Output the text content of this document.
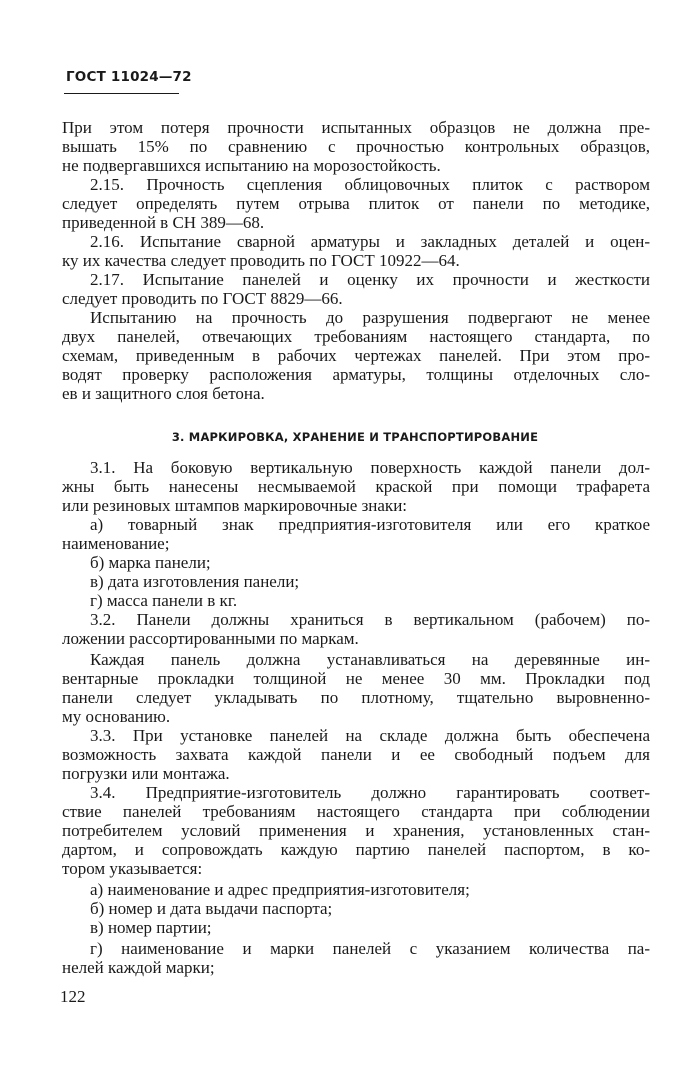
ГОСТ 11024—72
При этом потеря прочности испытанных образцов не должна пре-
вышать 15% по сравнению с прочностью контрольных образцов,
не подвергавшихся испытанию на морозостойкость.
2.15. Прочность сцепления облицовочных плиток с раствором
следует определять путем отрыва плиток от панели по методике,
приведенной в СН 389—68.
2.16. Испытание сварной арматуры и закладных деталей и оцен-
ку их качества следует проводить по ГОСТ 10922—64.
2.17. Испытание панелей и оценку их прочности и жесткости
следует проводить по ГОСТ 8829—66.
Испытанию на прочность до разрушения подвергают не менее
двух панелей, отвечающих требованиям настоящего стандарта, по
схемам, приведенным в рабочих чертежах панелей. При этом про-
водят проверку расположения арматуры, толщины отделочных сло-
ев и защитного слоя бетона.
3. МАРКИРОВКА, ХРАНЕНИЕ И ТРАНСПОРТИРОВАНИЕ
3.1. На боковую вертикальную поверхность каждой панели дол-
жны быть нанесены несмываемой краской при помощи трафарета
или резиновых штампов маркировочные знаки:
а) товарный знак предприятия-изготовителя или его краткое
наименование;
б) марка панели;
в) дата изготовления панели;
г) масса панели в кг.
3.2. Панели должны храниться в вертикальном (рабочем) по-
ложении рассортированными по маркам.
Каждая панель должна устанавливаться на деревянные ин-
вентарные прокладки толщиной не менее 30 мм. Прокладки под
панели следует укладывать по плотному, тщательно выровненно-
му основанию.
3.3. При установке панелей на складе должна быть обеспечена
возможность захвата каждой панели и ее свободный подъем для
погрузки или монтажа.
3.4. Предприятие-изготовитель должно гарантировать соответ-
ствие панелей требованиям настоящего стандарта при соблюдении
потребителем условий применения и хранения, установленных стан-
дартом, и сопровождать каждую партию панелей паспортом, в ко-
тором указывается:
а) наименование и адрес предприятия-изготовителя;
б) номер и дата выдачи паспорта;
в) номер партии;
г) наименование и марки панелей с указанием количества па-
нелей каждой марки;
122
